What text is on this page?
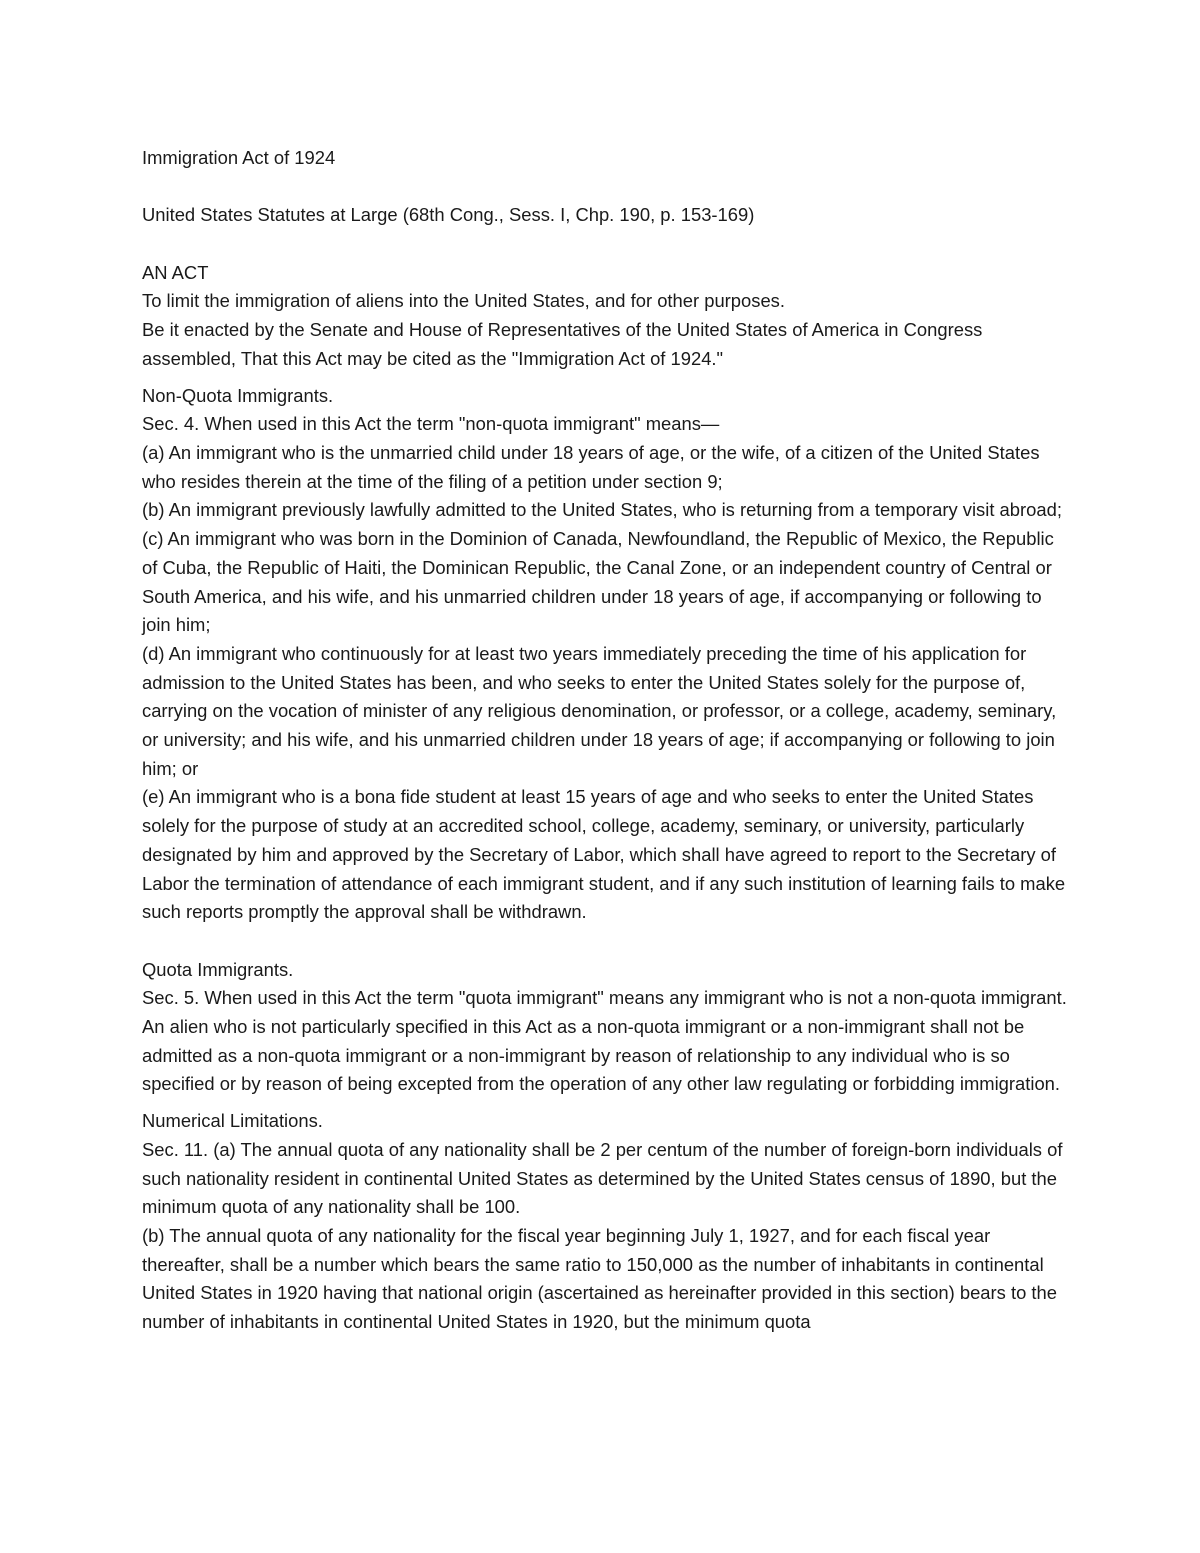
Immigration Act of 1924

United States Statutes at Large (68th Cong., Sess. I, Chp. 190, p. 153-169)

AN ACT

To limit the immigration of aliens into the United States, and for other purposes.

Be it enacted by the Senate and House of Representatives of the United States of America in Congress assembled, That this Act may be cited as the "Immigration Act of 1924."

Non-Quota Immigrants.

Sec. 4. When used in this Act the term "non-quota immigrant" means—

(a) An immigrant who is the unmarried child under 18 years of age, or the wife, of a citizen of the United States who resides therein at the time of the filing of a petition under section 9;

(b) An immigrant previously lawfully admitted to the United States, who is returning from a temporary visit abroad;

(c) An immigrant who was born in the Dominion of Canada, Newfoundland, the Republic of Mexico, the Republic of Cuba, the Republic of Haiti, the Dominican Republic, the Canal Zone, or an independent country of Central or South America, and his wife, and his unmarried children under 18 years of age, if accompanying or following to join him;

(d) An immigrant who continuously for at least two years immediately preceding the time of his application for admission to the United States has been, and who seeks to enter the United States solely for the purpose of, carrying on the vocation of minister of any religious denomination, or professor, or a college, academy, seminary, or university; and his wife, and his unmarried children under 18 years of age; if accompanying or following to join him; or

(e) An immigrant who is a bona fide student at least 15 years of age and who seeks to enter the United States solely for the purpose of study at an accredited school, college, academy, seminary, or university, particularly designated by him and approved by the Secretary of Labor, which shall have agreed to report to the Secretary of Labor the termination of attendance of each immigrant student, and if any such institution of learning fails to make such reports promptly the approval shall be withdrawn.

Quota Immigrants.

Sec. 5. When used in this Act the term "quota immigrant" means any immigrant who is not a non-quota immigrant. An alien who is not particularly specified in this Act as a non-quota immigrant or a non-immigrant shall not be admitted as a non-quota immigrant or a non-immigrant by reason of relationship to any individual who is so specified or by reason of being excepted from the operation of any other law regulating or forbidding immigration.

Numerical Limitations.

Sec. 11. (a) The annual quota of any nationality shall be 2 per centum of the number of foreign-born individuals of such nationality resident in continental United States as determined by the United States census of 1890, but the minimum quota of any nationality shall be 100.

(b) The annual quota of any nationality for the fiscal year beginning July 1, 1927, and for each fiscal year thereafter, shall be a number which bears the same ratio to 150,000 as the number of inhabitants in continental United States in 1920 having that national origin (ascertained as hereinafter provided in this section) bears to the number of inhabitants in continental United States in 1920, but the minimum quota
